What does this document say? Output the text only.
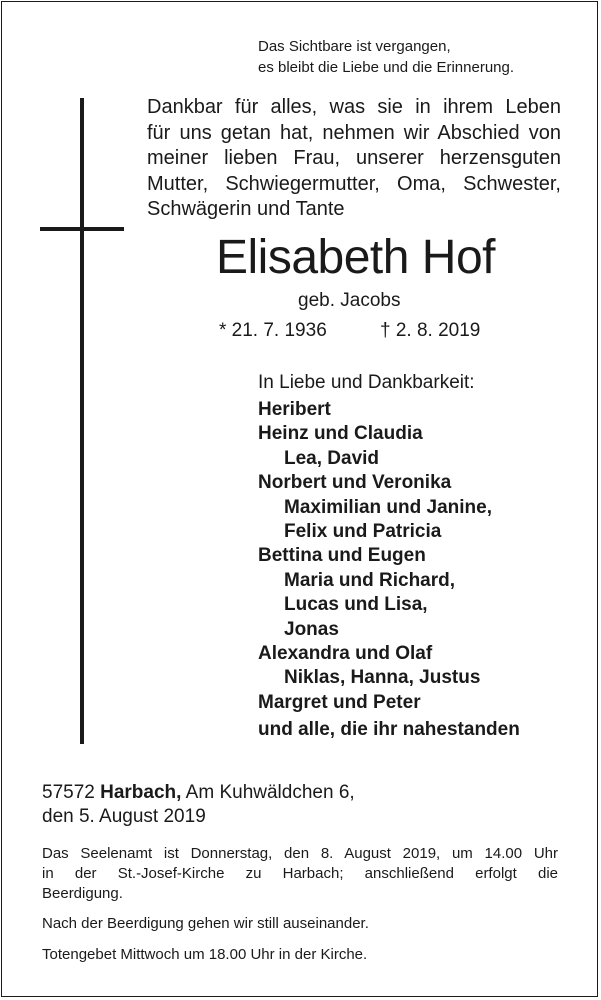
Das Sichtbare ist vergangen,
es bleibt die Liebe und die Erinnerung.
Dankbar für alles, was sie in ihrem Leben
für uns getan hat, nehmen wir Abschied von
meiner lieben Frau, unserer herzensguten
Mutter, Schwiegermutter, Oma, Schwester,
Schwägerin und Tante
Elisabeth Hof
geb. Jacobs
* 21. 7. 1936	† 2. 8. 2019
In Liebe und Dankbarkeit:
Heribert
Heinz und Claudia
Lea, David
Norbert und Veronika
Maximilian und Janine,
Felix und Patricia
Bettina und Eugen
Maria und Richard,
Lucas und Lisa,
Jonas
Alexandra und Olaf
Niklas, Hanna, Justus
Margret und Peter
und alle, die ihr nahestanden
57572 Harbach, Am Kuhwäldchen 6,
den 5. August 2019
Das Seelenamt ist Donnerstag, den 8. August 2019, um 14.00 Uhr
in der St.-Josef-Kirche zu Harbach; anschließend erfolgt die
Beerdigung.
Nach der Beerdigung gehen wir still auseinander.
Totengebet Mittwoch um 18.00 Uhr in der Kirche.
